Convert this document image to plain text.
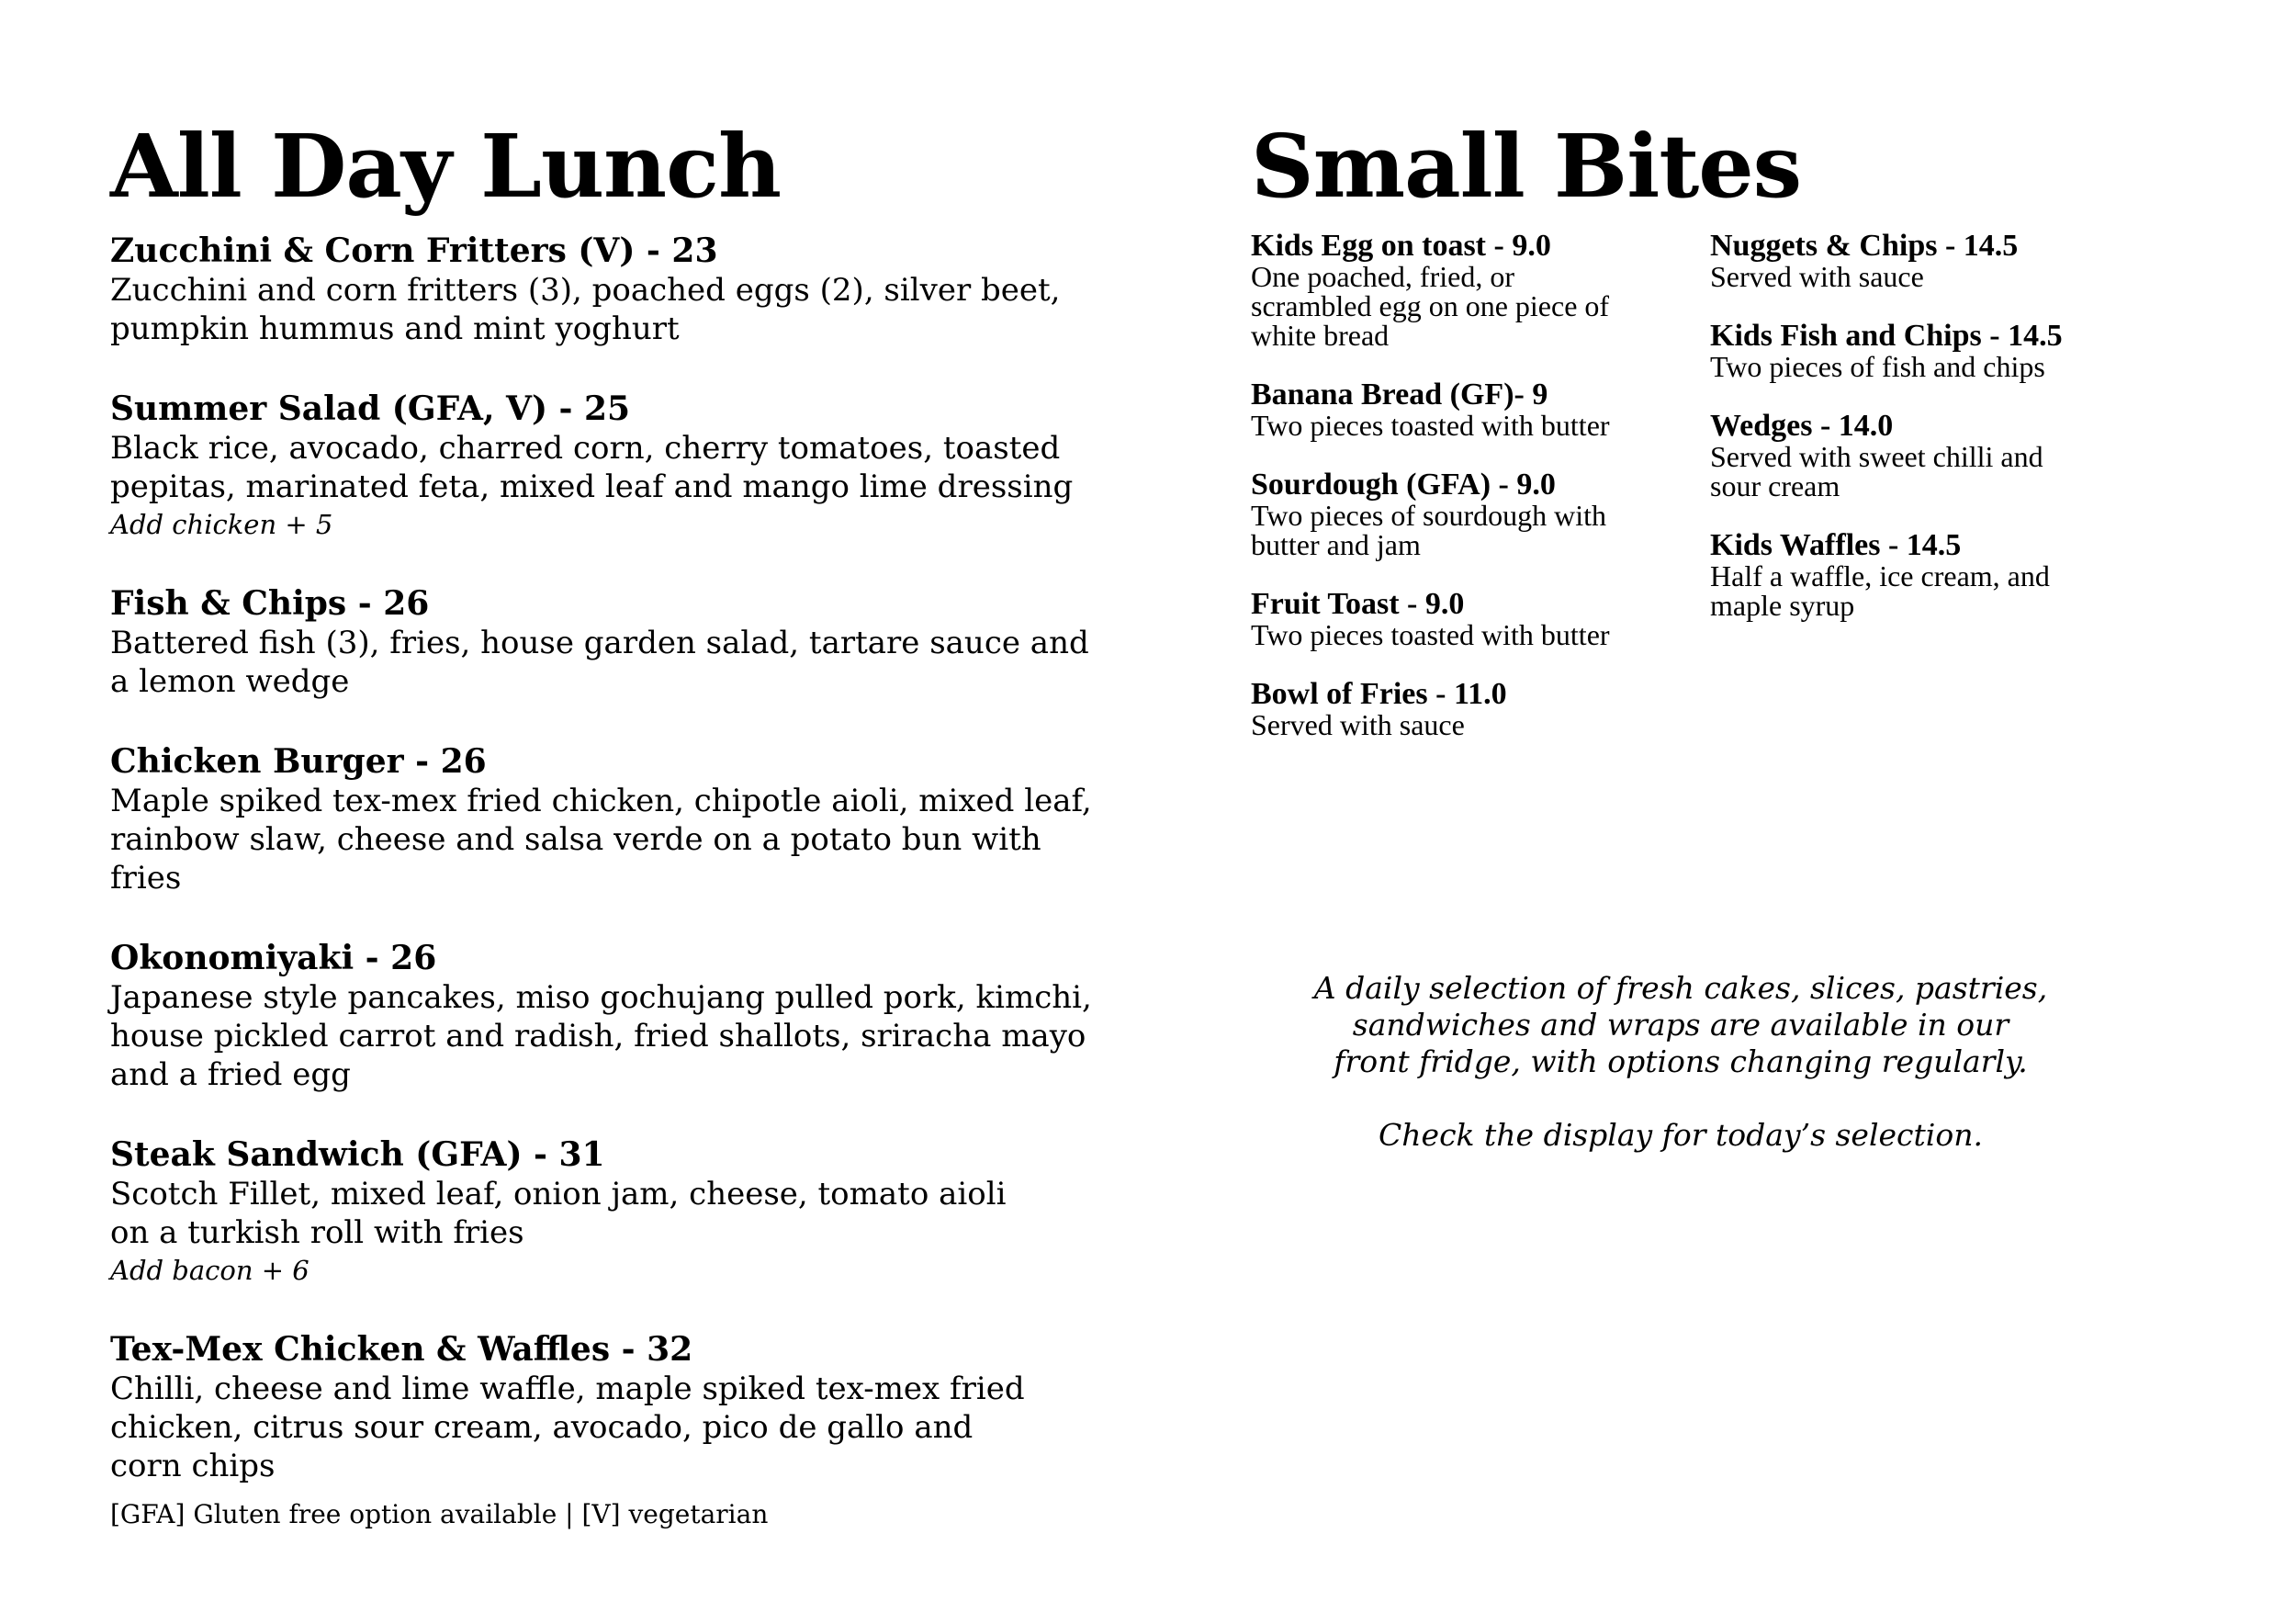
All Day Lunch
Zucchini & Corn Fritters (V) - 23
Zucchini and corn fritters (3), poached eggs (2), silver beet,
pumpkin hummus and mint yoghurt
Summer Salad (GFA, V) - 25
Black rice, avocado, charred corn, cherry tomatoes, toasted
pepitas, marinated feta, mixed leaf and mango lime dressing
Add chicken + 5
Fish & Chips - 26
Battered fish (3), fries, house garden salad, tartare sauce and
a lemon wedge
Chicken Burger - 26
Maple spiked tex-mex fried chicken, chipotle aioli, mixed leaf,
rainbow slaw, cheese and salsa verde on a potato bun with
fries
Okonomiyaki - 26
Japanese style pancakes, miso gochujang pulled pork, kimchi,
house pickled carrot and radish, fried shallots, sriracha mayo
and a fried egg
Steak Sandwich (GFA) - 31
Scotch Fillet, mixed leaf, onion jam, cheese, tomato aioli
on a turkish roll with fries
Add bacon + 6
Tex-Mex Chicken & Waffles - 32
Chilli, cheese and lime waffle, maple spiked tex-mex fried
chicken, citrus sour cream, avocado, pico de gallo and
corn chips
[GFA] Gluten free option available | [V] vegetarian
Small Bites
Kids Egg on toast - 9.0
One poached, fried, or
scrambled egg on one piece of
white bread
Banana Bread (GF)- 9
Two pieces toasted with butter
Sourdough (GFA) - 9.0
Two pieces of sourdough with
butter and jam
Fruit Toast - 9.0
Two pieces toasted with butter
Bowl of Fries - 11.0
Served with sauce
Nuggets & Chips - 14.5
Served with sauce
Kids Fish and Chips - 14.5
Two pieces of fish and chips
Wedges - 14.0
Served with sweet chilli and
sour cream
Kids Waffles - 14.5
Half a waffle, ice cream, and
maple syrup

A daily selection of fresh cakes, slices, pastries,
sandwiches and wraps are available in our
front fridge, with options changing regularly.

Check the display for today’s selection.
